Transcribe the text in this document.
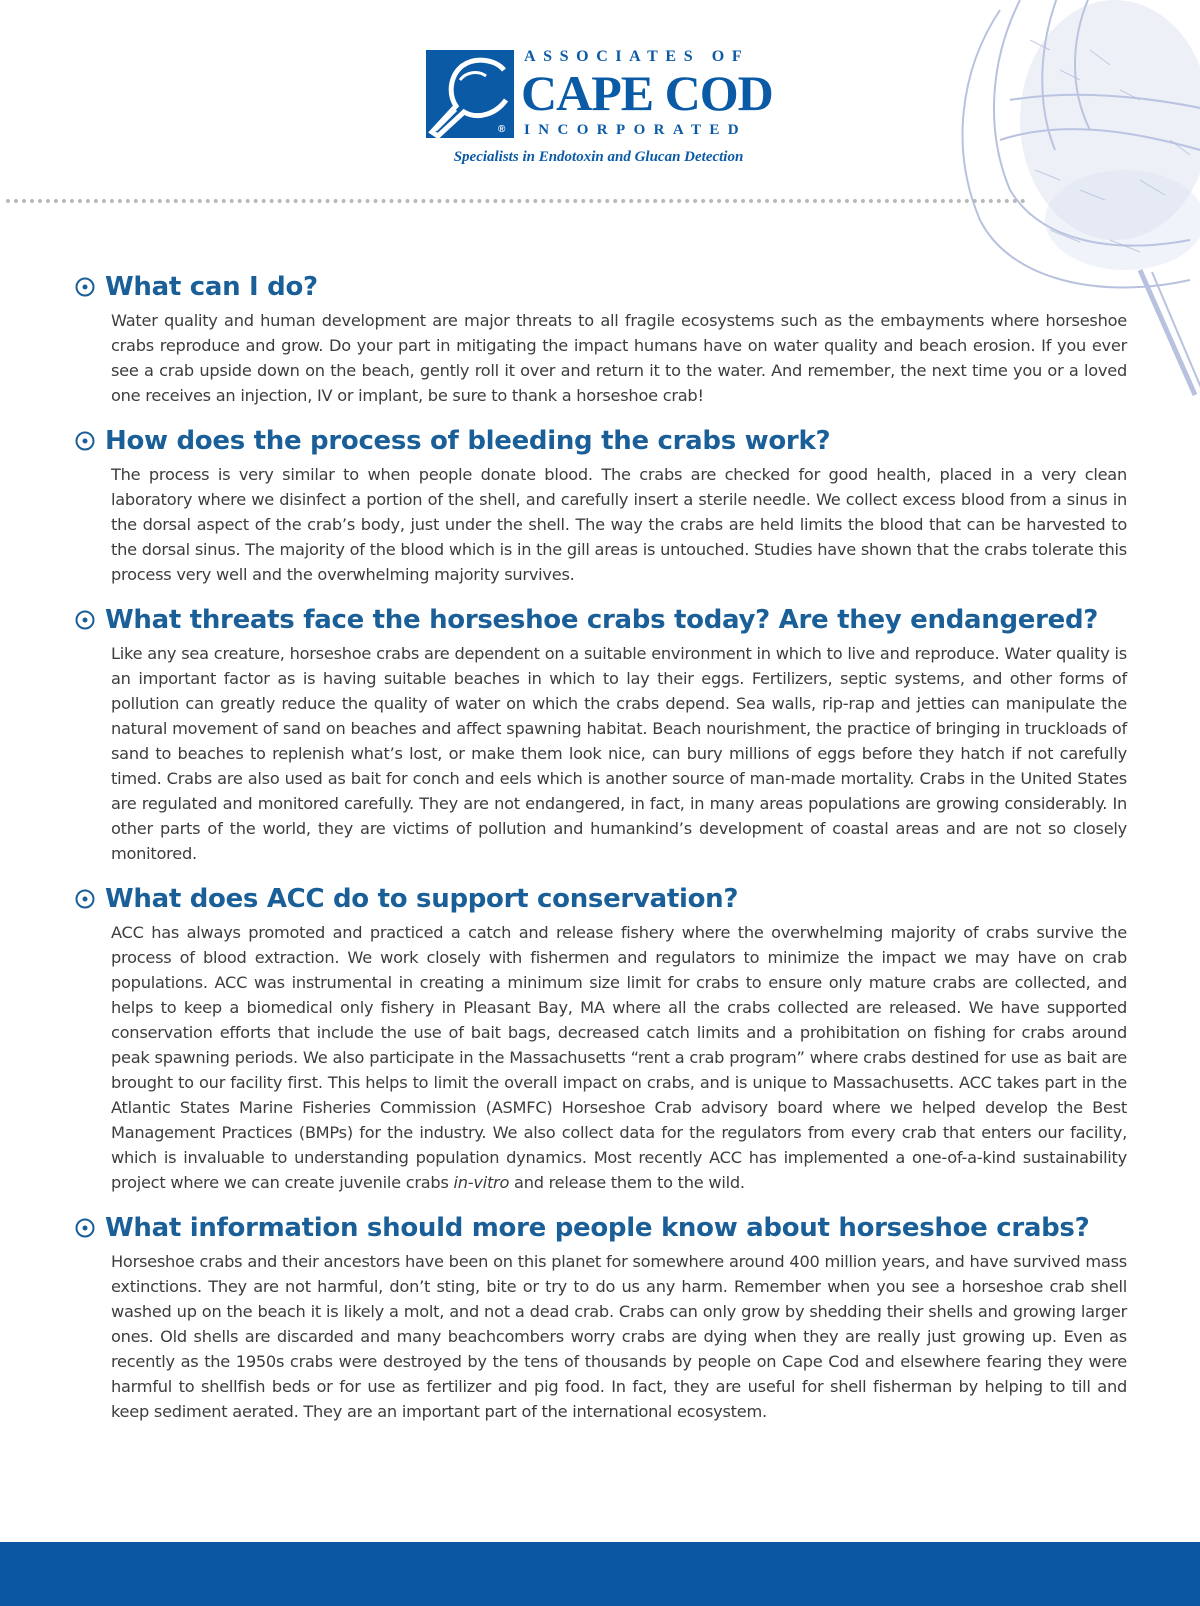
®
ASSOCIATES OF
CAPE COD
INCORPORATED
Specialists in Endotoxin and Glucan Detection
What can I do?

Water quality and human development are major threats to all fragile ecosystems such as the embayments where horseshoe crabs reproduce and grow. Do your part in mitigating the impact humans have on water quality and beach erosion. If you ever see a crab upside down on the beach, gently roll it over and return it to the water. And remember, the next time you or a loved one receives an injection, IV or implant, be sure to thank a horseshoe crab!

How does the process of bleeding the crabs work?

The process is very similar to when people donate blood. The crabs are checked for good health, placed in a very clean laboratory where we disinfect a portion of the shell, and carefully insert a sterile needle. We collect excess blood from a sinus in the dorsal aspect of the crab’s body, just under the shell. The way the crabs are held limits the blood that can be harvested to the dorsal sinus. The majority of the blood which is in the gill areas is untouched. Studies have shown that the crabs tolerate this process very well and the overwhelming majority survives.

What threats face the horseshoe crabs today? Are they endangered?

Like any sea creature, horseshoe crabs are dependent on a suitable environment in which to live and reproduce. Water quality is an important factor as is having suitable beaches in which to lay their eggs. Fertilizers, septic systems, and other forms of pollution can greatly reduce the quality of water on which the crabs depend. Sea walls, rip-rap and jetties can manipulate the natural movement of sand on beaches and affect spawning habitat. Beach nourishment, the practice of bringing in truckloads of sand to beaches to replenish what’s lost, or make them look nice, can bury millions of eggs before they hatch if not carefully timed. Crabs are also used as bait for conch and eels which is another source of man-made mortality. Crabs in the United States are regulated and monitored carefully. They are not endangered, in fact, in many areas populations are growing considerably. In other parts of the world, they are victims of pollution and humankind’s development of coastal areas and are not so closely monitored.

What does ACC do to support conservation?

ACC has always promoted and practiced a catch and release fishery where the overwhelming majority of crabs survive the process of blood extraction. We work closely with fishermen and regulators to minimize the impact we may have on crab populations. ACC was instrumental in creating a minimum size limit for crabs to ensure only mature crabs are collected, and helps to keep a biomedical only fishery in Pleasant Bay, MA where all the crabs collected are released. We have supported conservation efforts that include the use of bait bags, decreased catch limits and a prohibitation on fishing for crabs around peak spawning periods. We also participate in the Massachusetts “rent a crab program” where crabs destined for use as bait are brought to our facility first. This helps to limit the overall impact on crabs, and is unique to Massachusetts. ACC takes part in the Atlantic States Marine Fisheries Commission (ASMFC) Horseshoe Crab advisory board where we helped develop the Best Management Practices (BMPs) for the industry. We also collect data for the regulators from every crab that enters our facility, which is invaluable to understanding population dynamics. Most recently ACC has implemented a one-of-a-kind sustainability project where we can create juvenile crabs in-vitro and release them to the wild.

What information should more people know about horseshoe crabs?

Horseshoe crabs and their ancestors have been on this planet for somewhere around 400 million years, and have survived mass extinctions. They are not harmful, don’t sting, bite or try to do us any harm. Remember when you see a horseshoe crab shell washed up on the beach it is likely a molt, and not a dead crab. Crabs can only grow by shedding their shells and growing larger ones. Old shells are discarded and many beachcombers worry crabs are dying when they are really just growing up. Even as recently as the 1950s crabs were destroyed by the tens of thousands by people on Cape Cod and elsewhere fearing they were harmful to shellfish beds or for use as fertilizer and pig food. In fact, they are useful for shell fisherman by helping to till and keep sediment aerated. They are an important part of the international ecosystem.
